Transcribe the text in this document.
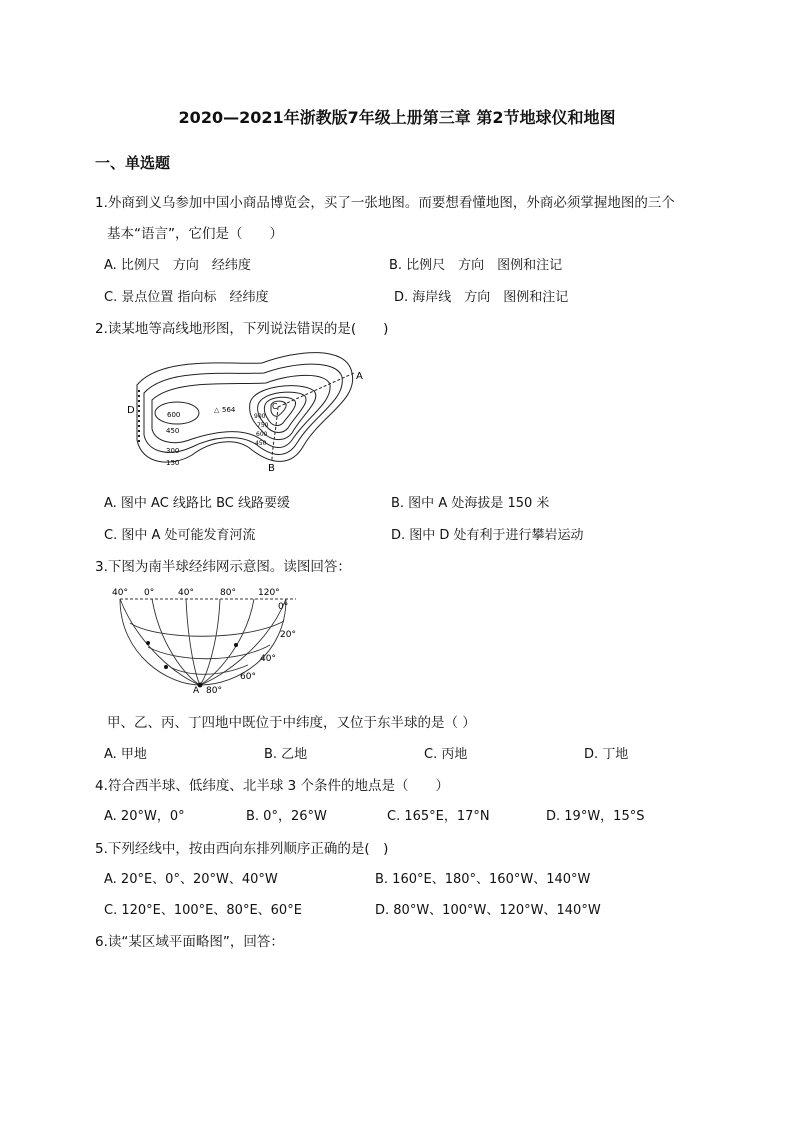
2020—2021年浙教版7年级上册第三章 第2节地球仪和地图
一、单选题
1.外商到义乌参加中国小商品博览会，买了一张地图。而要想看懂地图，外商必须掌握地图的三个
基本“语言”，它们是（　　）
A. 比例尺　方向　经纬度	B. 比例尺　方向　图例和注记
C. 景点位置 指向标　经纬度	D. 海岸线　方向　图例和注记
2.读某地等高线地形图，下列说法错误的是(　　)
A
B
C
D	600
450
300
150
△ 564
900
750
600
450
A. 图中 AC 线路比 BC 线路要缓	B. 图中 A 处海拔是 150 米
C. 图中 A 处可能发育河流	D. 图中 D 处有利于进行攀岩运动
3.下图为南半球经纬网示意图。读图回答：
40° 0°	40°	80° 120°
0°
20°
40°
60°
A 80°
甲、乙、丙、丁四地中既位于中纬度，又位于东半球的是（ ）
A. 甲地	B. 乙地	C. 丙地	D. 丁地
4.符合西半球、低纬度、北半球 3 个条件的地点是（　　）
A. 20°W，0°	B. 0°，26°W	C. 165°E，17°N	D. 19°W，15°S
5.下列经线中，按由西向东排列顺序正确的是(　)
A. 20°E、0°、20°W、40°W	B. 160°E、180°、160°W、140°W
C. 120°E、100°E、80°E、60°E	D. 80°W、100°W、120°W、140°W
6.读“某区域平面略图”，回答：
